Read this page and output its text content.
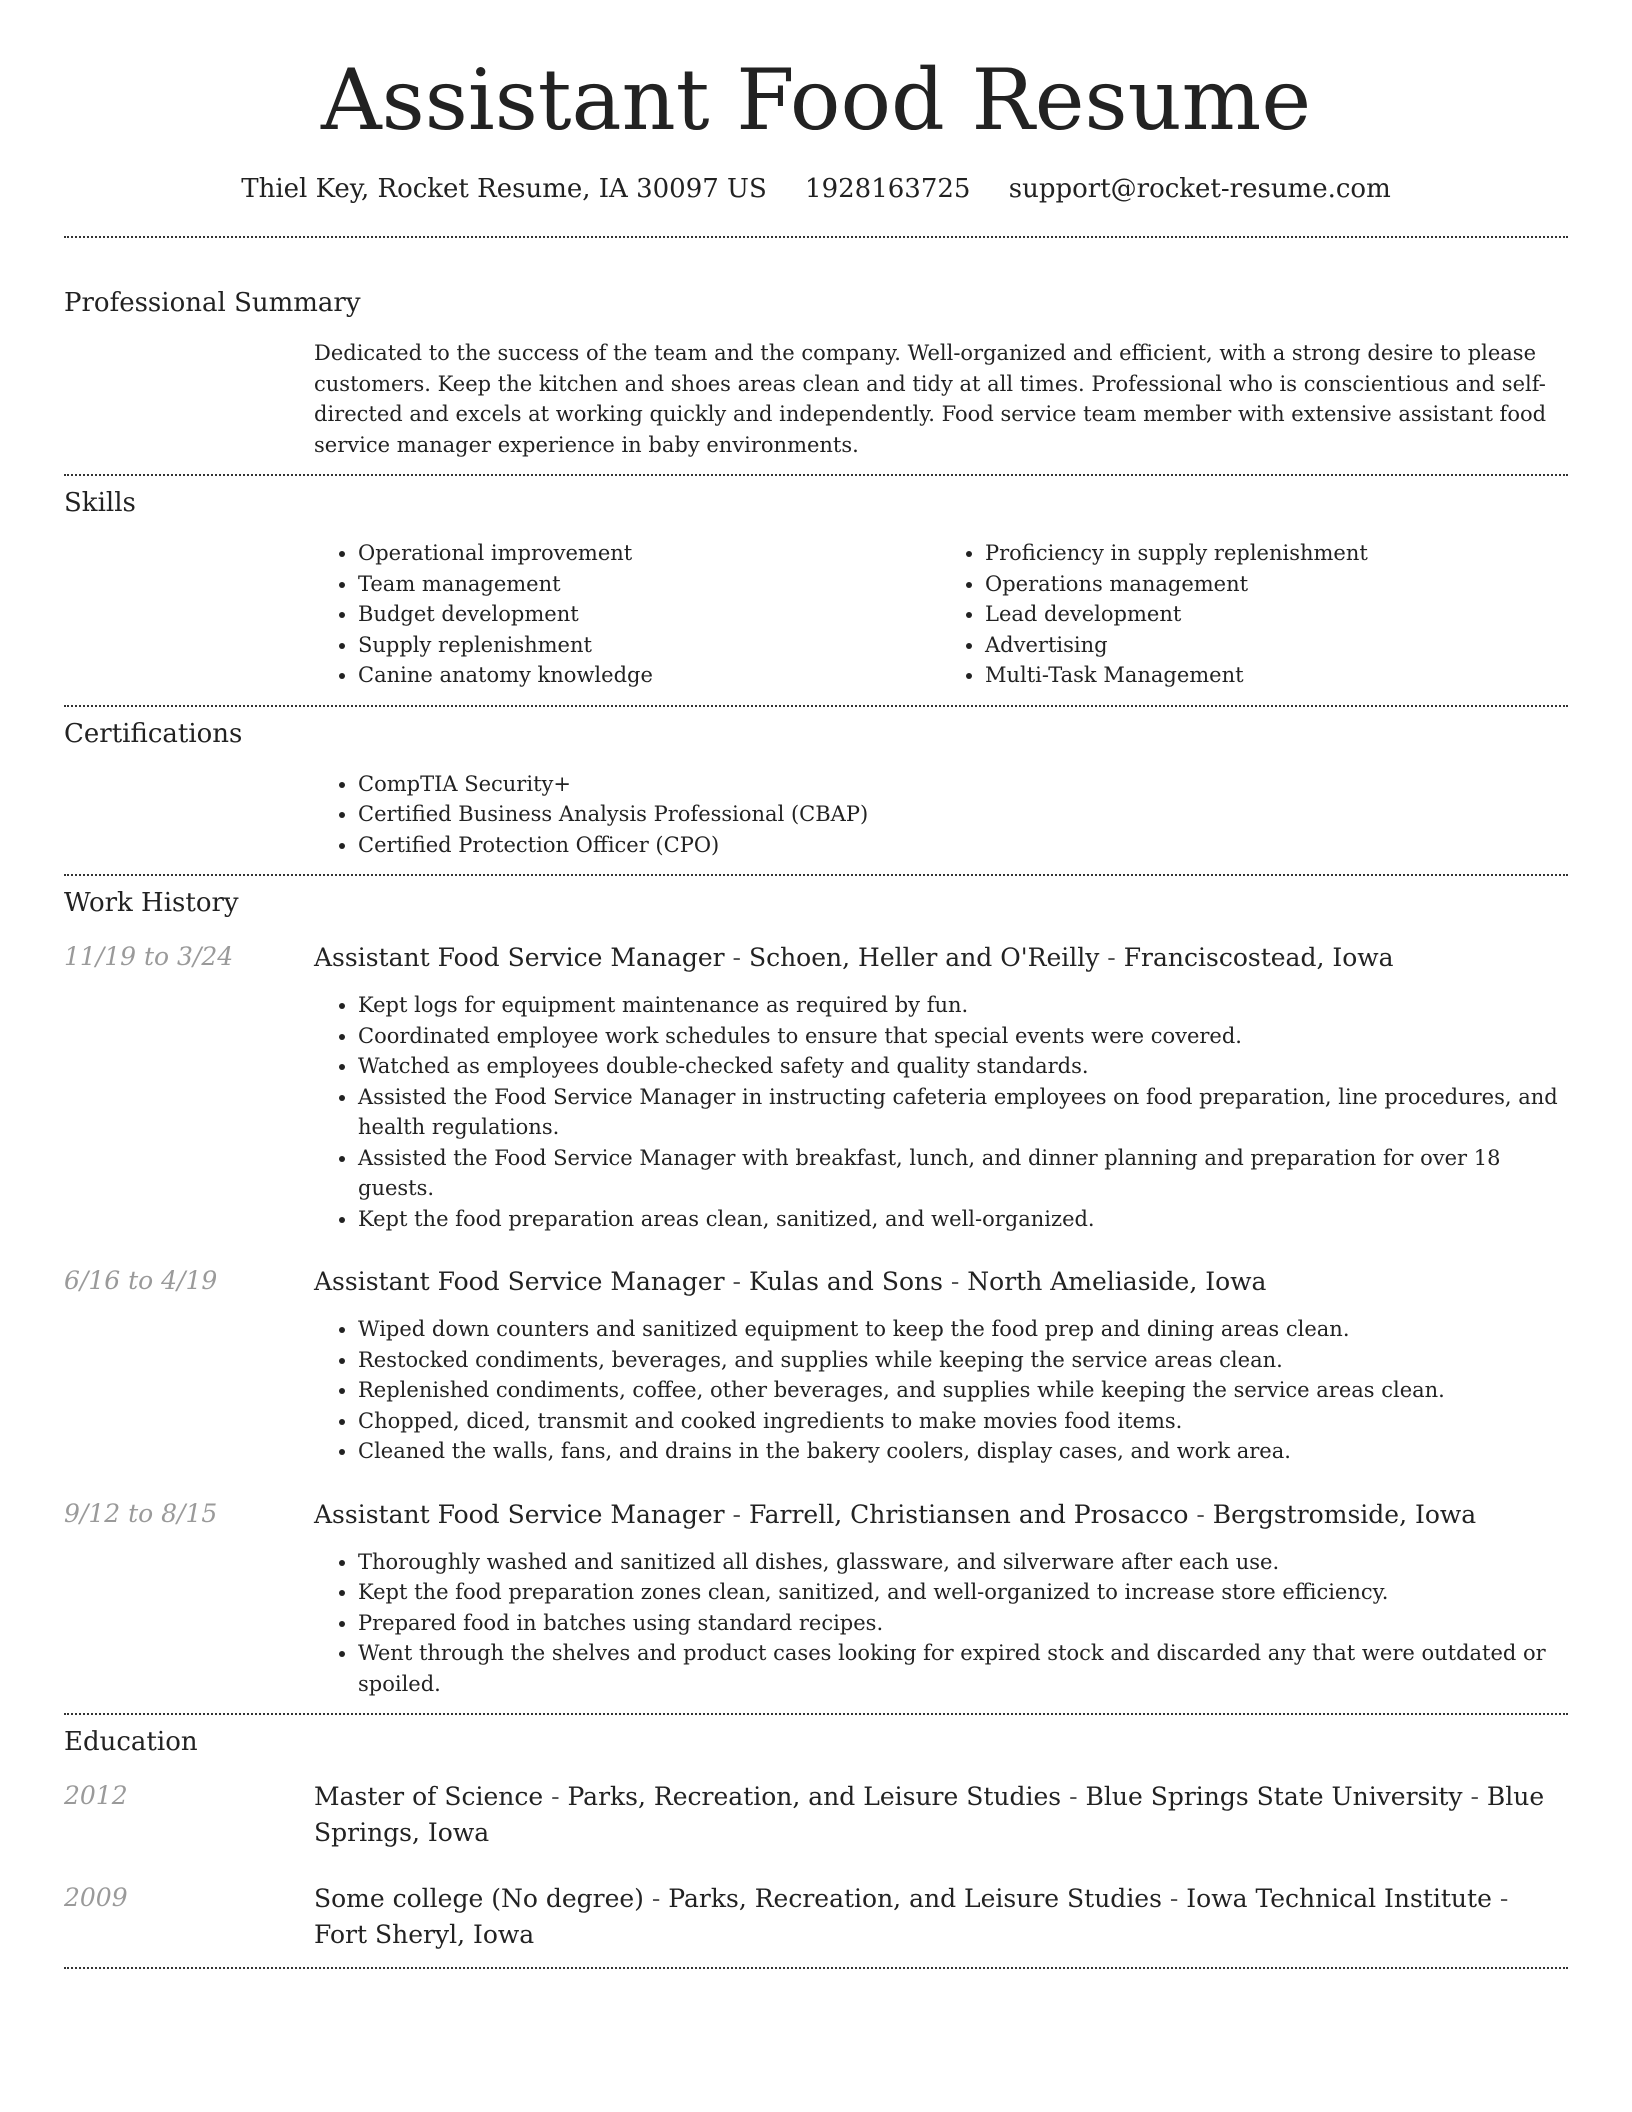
Assistant Food Resume
Thiel Key, Rocket Resume, IA 30097 US 1928163725 support@rocket-resume.com
Professional Summary
Dedicated to the success of the team and the company. Well-organized and efficient, with a strong desire to please customers. Keep the kitchen and shoes areas clean and tidy at all times. Professional who is conscientious and self-directed and excels at working quickly and independently. Food service team member with extensive assistant food service manager experience in baby environments.
Skills
• Operational improvement
• Team management
• Budget development
• Supply replenishment
• Canine anatomy knowledge
• Proficiency in supply replenishment
• Operations management
• Lead development
• Advertising
• Multi-Task Management
Certifications
• CompTIA Security+
• Certified Business Analysis Professional (CBAP)
• Certified Protection Officer (CPO)
Work History
11/19 to 3/24	Assistant Food Service Manager - Schoen, Heller and O'Reilly - Franciscostead, Iowa
• Kept logs for equipment maintenance as required by fun.
• Coordinated employee work schedules to ensure that special events were covered.
• Watched as employees double-checked safety and quality standards.
• Assisted the Food Service Manager in instructing cafeteria employees on food preparation, line procedures, and health regulations.
• Assisted the Food Service Manager with breakfast, lunch, and dinner planning and preparation for over 18 guests.
• Kept the food preparation areas clean, sanitized, and well-organized.
6/16 to 4/19	Assistant Food Service Manager - Kulas and Sons - North Ameliaside, Iowa
• Wiped down counters and sanitized equipment to keep the food prep and dining areas clean.
• Restocked condiments, beverages, and supplies while keeping the service areas clean.
• Replenished condiments, coffee, other beverages, and supplies while keeping the service areas clean.
• Chopped, diced, transmit and cooked ingredients to make movies food items.
• Cleaned the walls, fans, and drains in the bakery coolers, display cases, and work area.
9/12 to 8/15	Assistant Food Service Manager - Farrell, Christiansen and Prosacco - Bergstromside, Iowa
• Thoroughly washed and sanitized all dishes, glassware, and silverware after each use.
• Kept the food preparation zones clean, sanitized, and well-organized to increase store efficiency.
• Prepared food in batches using standard recipes.
• Went through the shelves and product cases looking for expired stock and discarded any that were outdated or spoiled.
Education
2012	Master of Science - Parks, Recreation, and Leisure Studies - Blue Springs State University - Blue Springs, Iowa
2009	Some college (No degree) - Parks, Recreation, and Leisure Studies - Iowa Technical Institute - Fort Sheryl, Iowa
